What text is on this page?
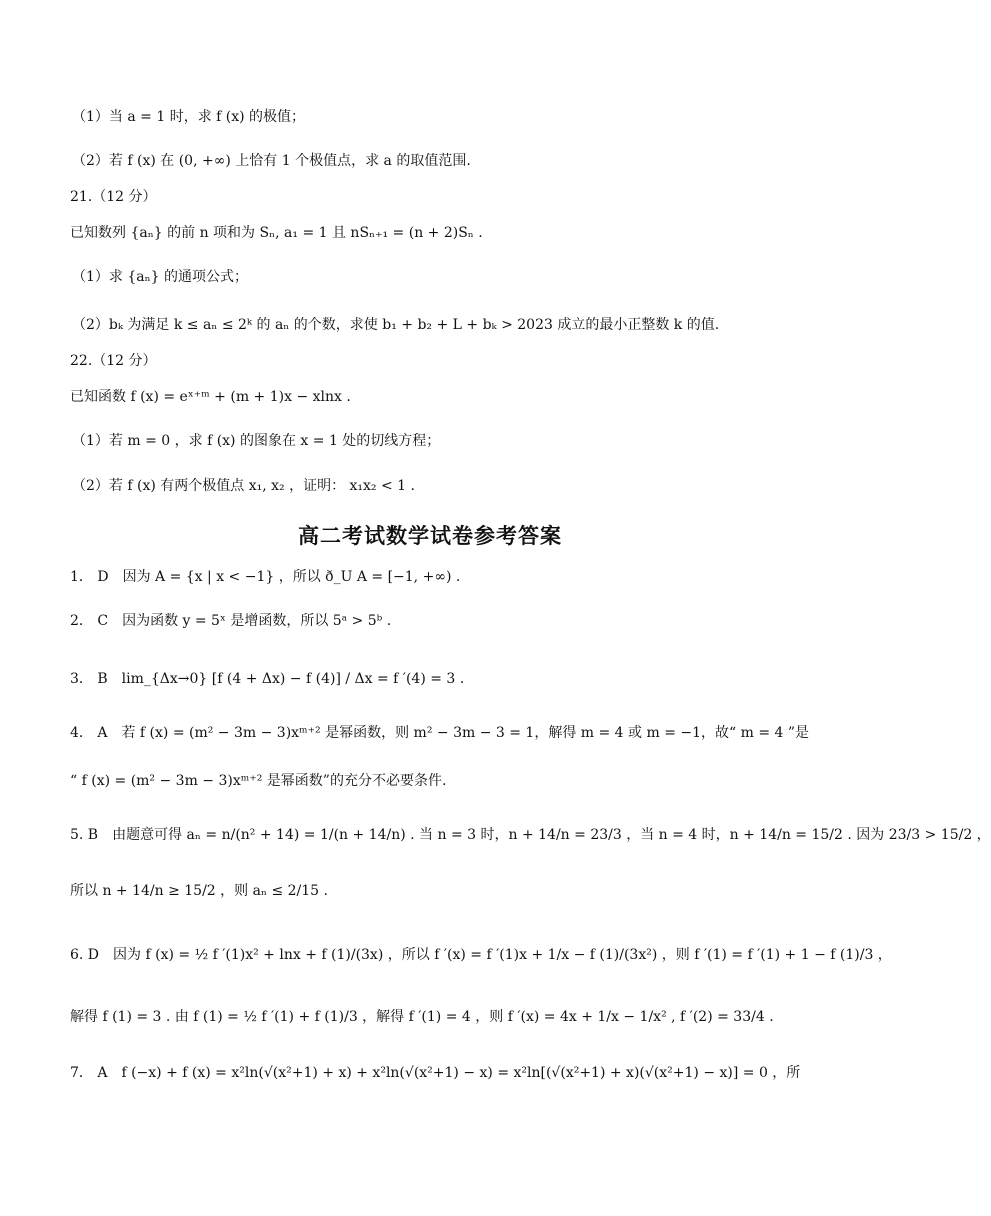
（1）当 a = 1 时，求 f (x) 的极值；
（2）若 f (x) 在 (0, +∞) 上恰有 1 个极值点，求 a 的取值范围.
21.（12 分）
已知数列 {aₙ} 的前 n 项和为 Sₙ, a₁ = 1 且 nSₙ₊₁ = (n + 2)Sₙ .
（1）求 {aₙ} 的通项公式；
（2）bₖ 为满足 k ≤ aₙ ≤ 2ᵏ 的 aₙ 的个数，求使 b₁ + b₂ + L + bₖ > 2023 成立的最小正整数 k 的值.
22.（12 分）
已知函数 f (x) = eˣ⁺ᵐ + (m + 1)x − xlnx .
（1）若 m = 0 ，求 f (x) 的图象在 x = 1 处的切线方程；
（2）若 f (x) 有两个极值点 x₁, x₂ ，证明： x₁x₂ < 1 .
高二考试数学试卷参考答案
1． D　因为 A = {x | x < −1} ，所以 ð_U A = [−1, +∞) .
2． C　因为函数 y = 5ˣ 是增函数，所以 5ᵃ > 5ᵇ .
3． B　lim_{Δx→0} [f (4 + Δx) − f (4)] / Δx = f ′(4) = 3 .
4． A　若 f (x) = (m² − 3m − 3)xᵐ⁺² 是幂函数，则 m² − 3m − 3 = 1，解得 m = 4 或 m = −1，故“ m = 4 ”是
“ f (x) = (m² − 3m − 3)xᵐ⁺² 是幂函数”的充分不必要条件.
5. B　由题意可得 aₙ = n/(n² + 14) = 1/(n + 14/n) . 当 n = 3 时，n + 14/n = 23/3 ，当 n = 4 时，n + 14/n = 15/2 . 因为 23/3 > 15/2 ，
所以 n + 14/n ≥ 15/2 ，则 aₙ ≤ 2/15 .
6. D　因为 f (x) = ½ f ′(1)x² + lnx + f (1)/(3x) ，所以 f ′(x) = f ′(1)x + 1/x − f (1)/(3x²) ，则 f ′(1) = f ′(1) + 1 − f (1)/3 ，
解得 f (1) = 3 . 由 f (1) = ½ f ′(1) + f (1)/3 ，解得 f ′(1) = 4 ，则 f ′(x) = 4x + 1/x − 1/x² , f ′(2) = 33/4 .
7． A　f (−x) + f (x) = x²ln(√(x²+1) + x) + x²ln(√(x²+1) − x) = x²ln[(√(x²+1) + x)(√(x²+1) − x)] = 0 ，所
